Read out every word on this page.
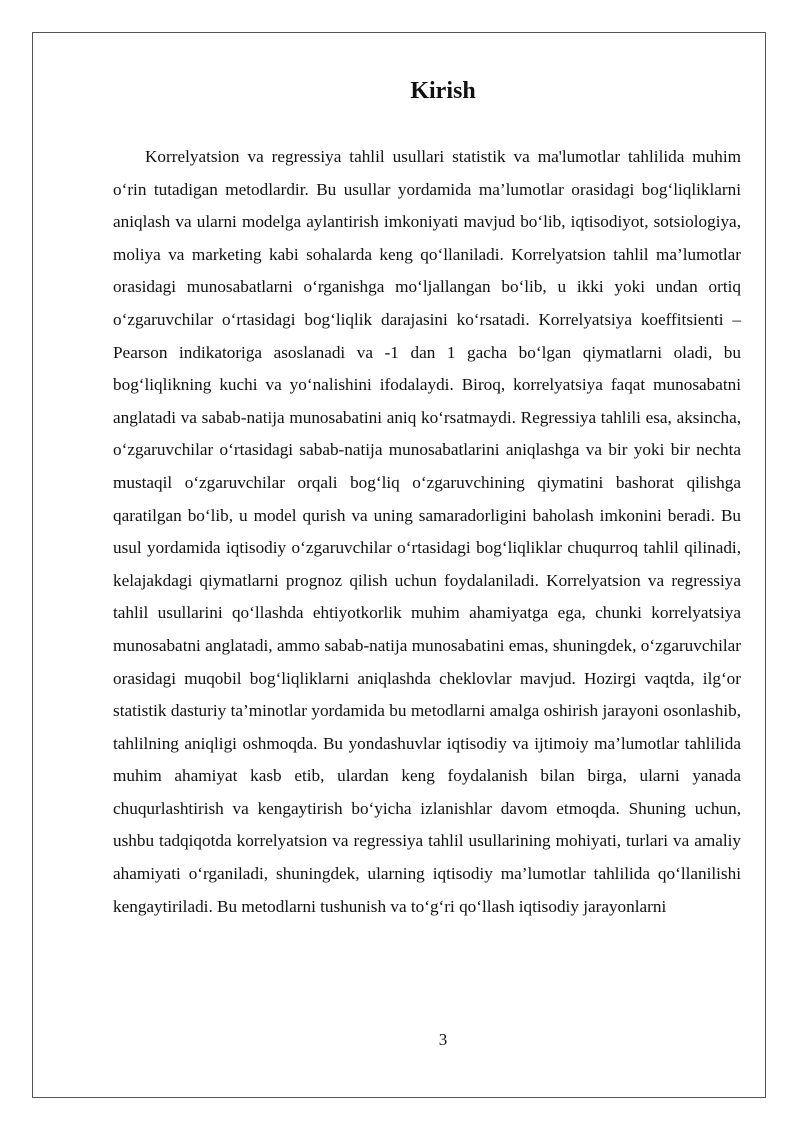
Kirish

Korrelyatsion va regressiya tahlil usullari statistik va ma'lumotlar tahlilida muhim o‘rin tutadigan metodlardir. Bu usullar yordamida ma’lumotlar orasidagi bog‘liqliklarni aniqlash va ularni modelga aylantirish imkoniyati mavjud bo‘lib, iqtisodiyot, sotsiologiya, moliya va marketing kabi sohalarda keng qo‘llaniladi. Korrelyatsion tahlil ma’lumotlar orasidagi munosabatlarni o‘rganishga mo‘ljallangan bo‘lib, u ikki yoki undan ortiq o‘zgaruvchilar o‘rtasidagi bog‘liqlik darajasini ko‘rsatadi. Korrelyatsiya koeffitsienti – Pearson indikatoriga asoslanadi va -1 dan 1 gacha bo‘lgan qiymatlarni oladi, bu bog‘liqlikning kuchi va yo‘nalishini ifodalaydi. Biroq, korrelyatsiya faqat munosabatni anglatadi va sabab-natija munosabatini aniq ko‘rsatmaydi. Regressiya tahlili esa, aksincha, o‘zgaruvchilar o‘rtasidagi sabab-natija munosabatlarini aniqlashga va bir yoki bir nechta mustaqil o‘zgaruvchilar orqali bog‘liq o‘zgaruvchining qiymatini bashorat qilishga qaratilgan bo‘lib, u model qurish va uning samaradorligini baholash imkonini beradi. Bu usul yordamida iqtisodiy o‘zgaruvchilar o‘rtasidagi bog‘liqliklar chuqurroq tahlil qilinadi, kelajakdagi qiymatlarni prognoz qilish uchun foydalaniladi. Korrelyatsion va regressiya tahlil usullarini qo‘llashda ehtiyotkorlik muhim ahamiyatga ega, chunki korrelyatsiya munosabatni anglatadi, ammo sabab-natija munosabatini emas, shuningdek, o‘zgaruvchilar orasidagi muqobil bog‘liqliklarni aniqlashda cheklovlar mavjud. Hozirgi vaqtda, ilg‘or statistik dasturiy ta’minotlar yordamida bu metodlarni amalga oshirish jarayoni osonlashib, tahlilning aniqligi oshmoqda. Bu yondashuvlar iqtisodiy va ijtimoiy ma’lumotlar tahlilida muhim ahamiyat kasb etib, ulardan keng foydalanish bilan birga, ularni yanada chuqurlashtirish va kengaytirish bo‘yicha izlanishlar davom etmoqda. Shuning uchun, ushbu tadqiqotda korrelyatsion va regressiya tahlil usullarining mohiyati, turlari va amaliy ahamiyati o‘rganiladi, shuningdek, ularning iqtisodiy ma’lumotlar tahlilida qo‘llanilishi kengaytiriladi. Bu metodlarni tushunish va to‘g‘ri qo‘llash iqtisodiy jarayonlarni

3
